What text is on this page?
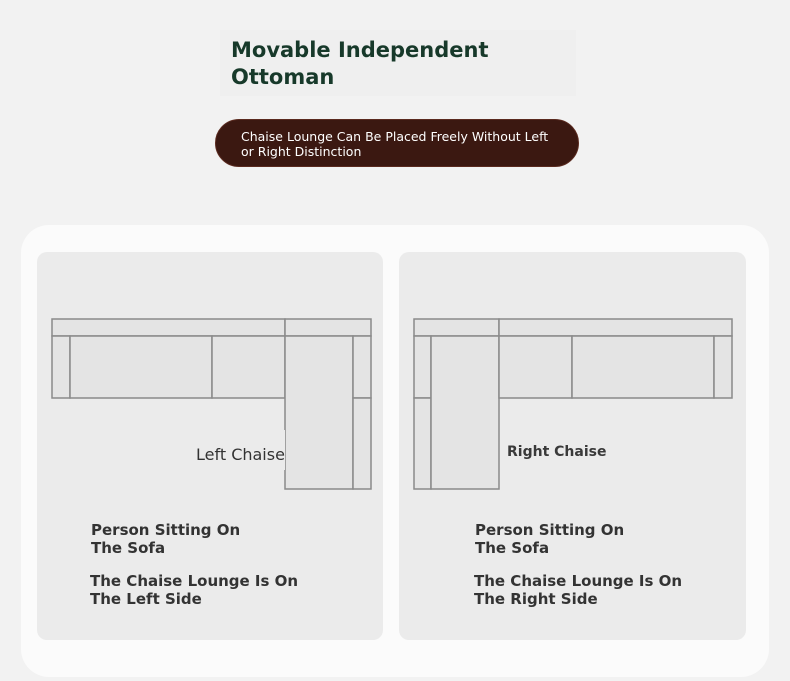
Movable Independent Ottoman
Chaise Lounge Can Be Placed Freely Without Left or Right Distinction
Left Chaise	Right Chaise
Person Sitting On The Sofa
The Chaise Lounge Is On The Left Side
Person Sitting On The Sofa
The Chaise Lounge Is On The Right Side
